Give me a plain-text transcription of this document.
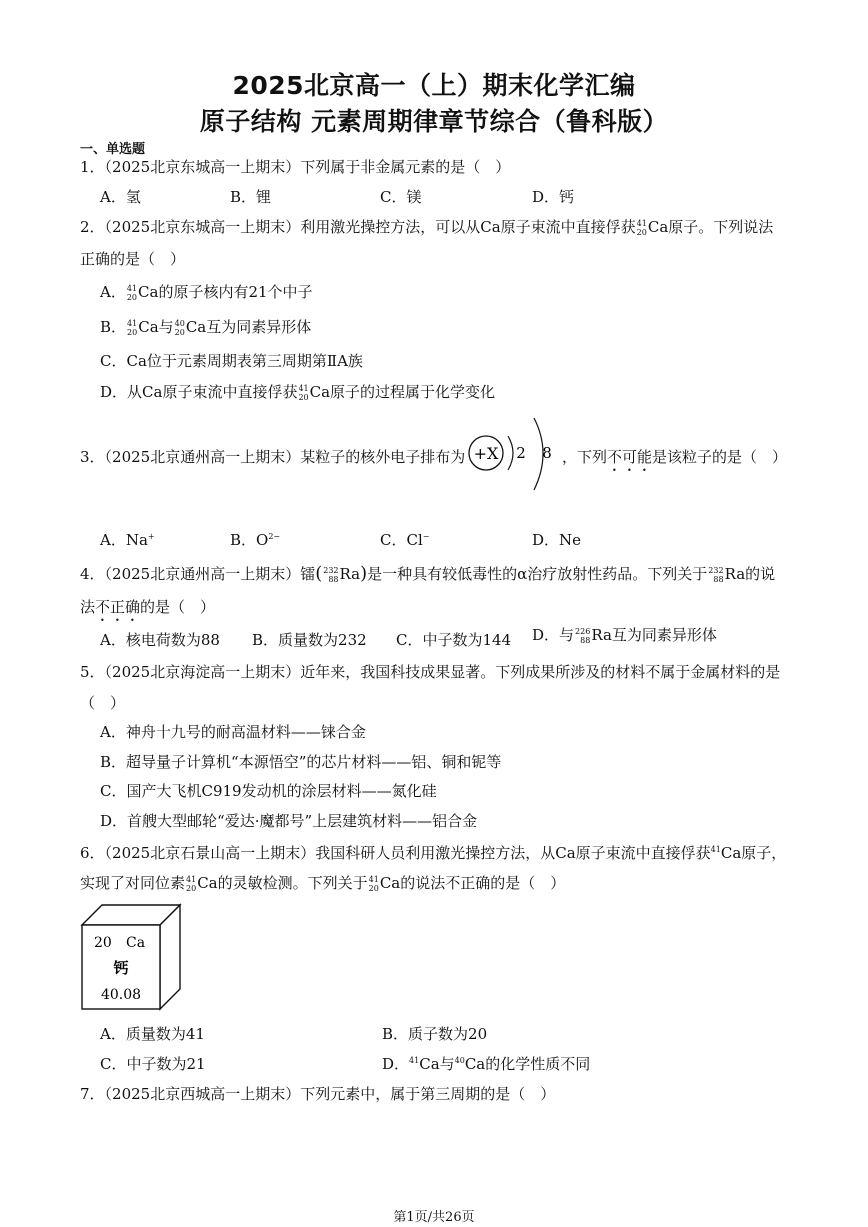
2025北京高一（上）期末化学汇编
原子结构 元素周期律章节综合（鲁科版）
一、单选题
1．（2025北京东城高一上期末）下列属于非金属元素的是（　）
A．氢	B．锂	C．镁	D．钙
2．（2025北京东城高一上期末）利用激光操控方法，可以从Ca原子束流中直接俘获 41
20 Ca原子。下列说法
正确的是（　）
A． 41
20 Ca的原子核内有21个中子
B． 41
20 Ca与 40
20 Ca互为同素异形体
C．Ca位于元素周期表第三周期第ⅡA族
D．从Ca原子束流中直接俘获 41
20 Ca原子的过程属于化学变化
3．（2025北京通州高一上期末）某粒子的核外电子排布为 +X 2 8 ，下列不可能是该粒子的是（　）
A．Na+	B．$O^{2-}$	C．Cl−	D．Ne
4．（2025北京通州高一上期末）镭( 232
88 Ra)是一种具有较低毒性的α治疗放射性药品。下列关于 232
88 Ra的说
法不正确的是（　）
A．核电荷数为88 B．质量数为232 C．中子数为144 D．与 226
88 Ra互为同素异形体
5．（2025北京海淀高一上期末）近年来，我国科技成果显著。下列成果所涉及的材料不属于金属材料的是
（　）
A．神舟十九号的耐高温材料——铼合金
B．超导量子计算机“本源悟空”的芯片材料——铝、铜和铌等
C．国产大飞机C919发动机的涂层材料——氮化硅
D．首艘大型邮轮“爱达·魔都号”上层建筑材料——铝合金
6．（2025北京石景山高一上期末）我国科研人员利用激光操控方法，从Ca原子束流中直接俘获$^{41}$Ca原子，
实现了对同位素 41
20 Ca的灵敏检测。下列关于 41
20 Ca的说法不正确的是（　）
20 Ca
钙
40.08
A．质量数为41	B．质子数为20
C．中子数为21	D．$^{41}$Ca与$^{40}$Ca的化学性质不同
7．（2025北京西城高一上期末）下列元素中，属于第三周期的是（　）
第1页/共26页
